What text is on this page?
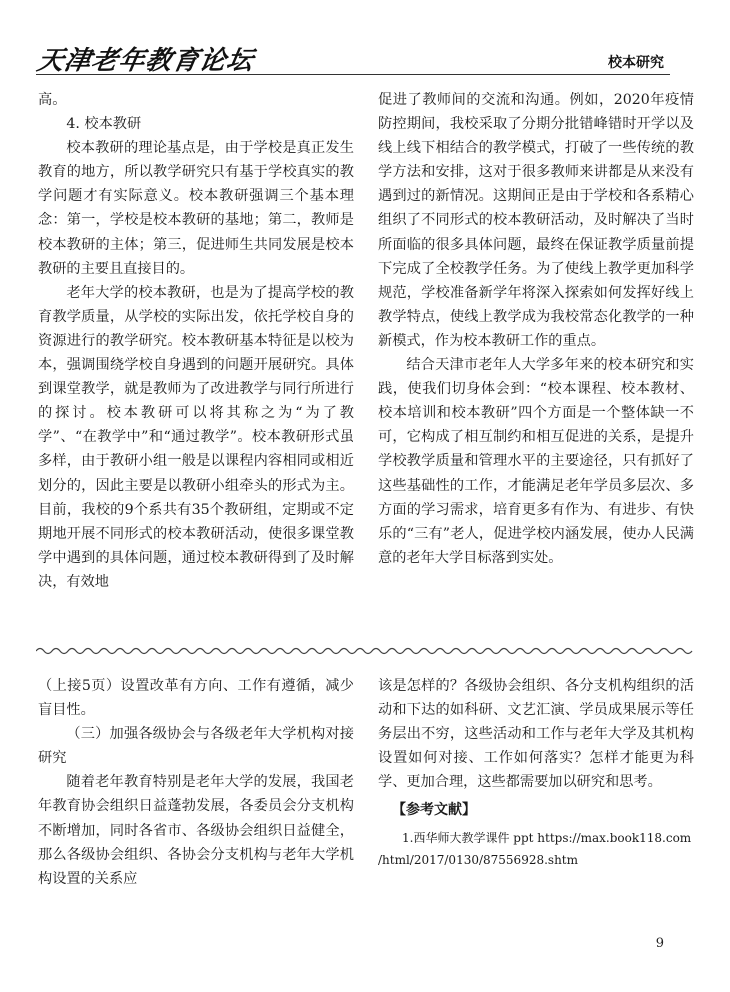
天津老年教育论坛	校本研究

高。

4. 校本教研

校本教研的理论基点是，由于学校是真正发生教育的地方，所以教学研究只有基于学校真实的教学问题才有实际意义。校本教研强调三个基本理念：第一，学校是校本教研的基地；第二，教师是校本教研的主体；第三，促进师生共同发展是校本教研的主要且直接目的。

老年大学的校本教研，也是为了提高学校的教育教学质量，从学校的实际出发，依托学校自身的资源进行的教学研究。校本教研基本特征是以校为本，强调围绕学校自身遇到的问题开展研究。具体到课堂教学，就是教师为了改进教学与同行所进行的探讨。校本教研可以将其称之为“为了教学”、“在教学中”和“通过教学”。校本教研形式虽多样，由于教研小组一般是以课程内容相同或相近划分的，因此主要是以教研小组牵头的形式为主。目前，我校的9个系共有35个教研组，定期或不定期地开展不同形式的校本教研活动，使很多课堂教学中遇到的具体问题，通过校本教研得到了及时解决，有效地

促进了教师间的交流和沟通。例如，2020年疫情防控期间，我校采取了分期分批错峰错时开学以及线上线下相结合的教学模式，打破了一些传统的教学方法和安排，这对于很多教师来讲都是从来没有遇到过的新情况。这期间正是由于学校和各系精心组织了不同形式的校本教研活动，及时解决了当时所面临的很多具体问题，最终在保证教学质量前提下完成了全校教学任务。为了使线上教学更加科学规范，学校准备新学年将深入探索如何发挥好线上教学特点，使线上教学成为我校常态化教学的一种新模式，作为校本教研工作的重点。

结合天津市老年人大学多年来的校本研究和实践，使我们切身体会到：“校本课程、校本教材、校本培训和校本教研”四个方面是一个整体缺一不可，它构成了相互制约和相互促进的关系，是提升学校教学质量和管理水平的主要途径，只有抓好了这些基础性的工作，才能满足老年学员多层次、多方面的学习需求，培育更多有作为、有进步、有快乐的“三有”老人，促进学校内涵发展，使办人民满意的老年大学目标落到实处。

（上接5页）设置改革有方向、工作有遵循，减少盲目性。

（三）加强各级协会与各级老年大学机构对接研究

随着老年教育特别是老年大学的发展，我国老年教育协会组织日益蓬勃发展，各委员会分支机构不断增加，同时各省市、各级协会组织日益健全，那么各级协会组织、各协会分支机构与老年大学机构设置的关系应

该是怎样的？各级协会组织、各分支机构组织的活动和下达的如科研、文艺汇演、学员成果展示等任务层出不穷，这些活动和工作与老年大学及其机构设置如何对接、工作如何落实？怎样才能更为科学、更加合理，这些都需要加以研究和思考。

【参考文献】

1.西华师大教学课件 ppt https://max.book118.com /html/2017/0130/87556928.shtm

9
